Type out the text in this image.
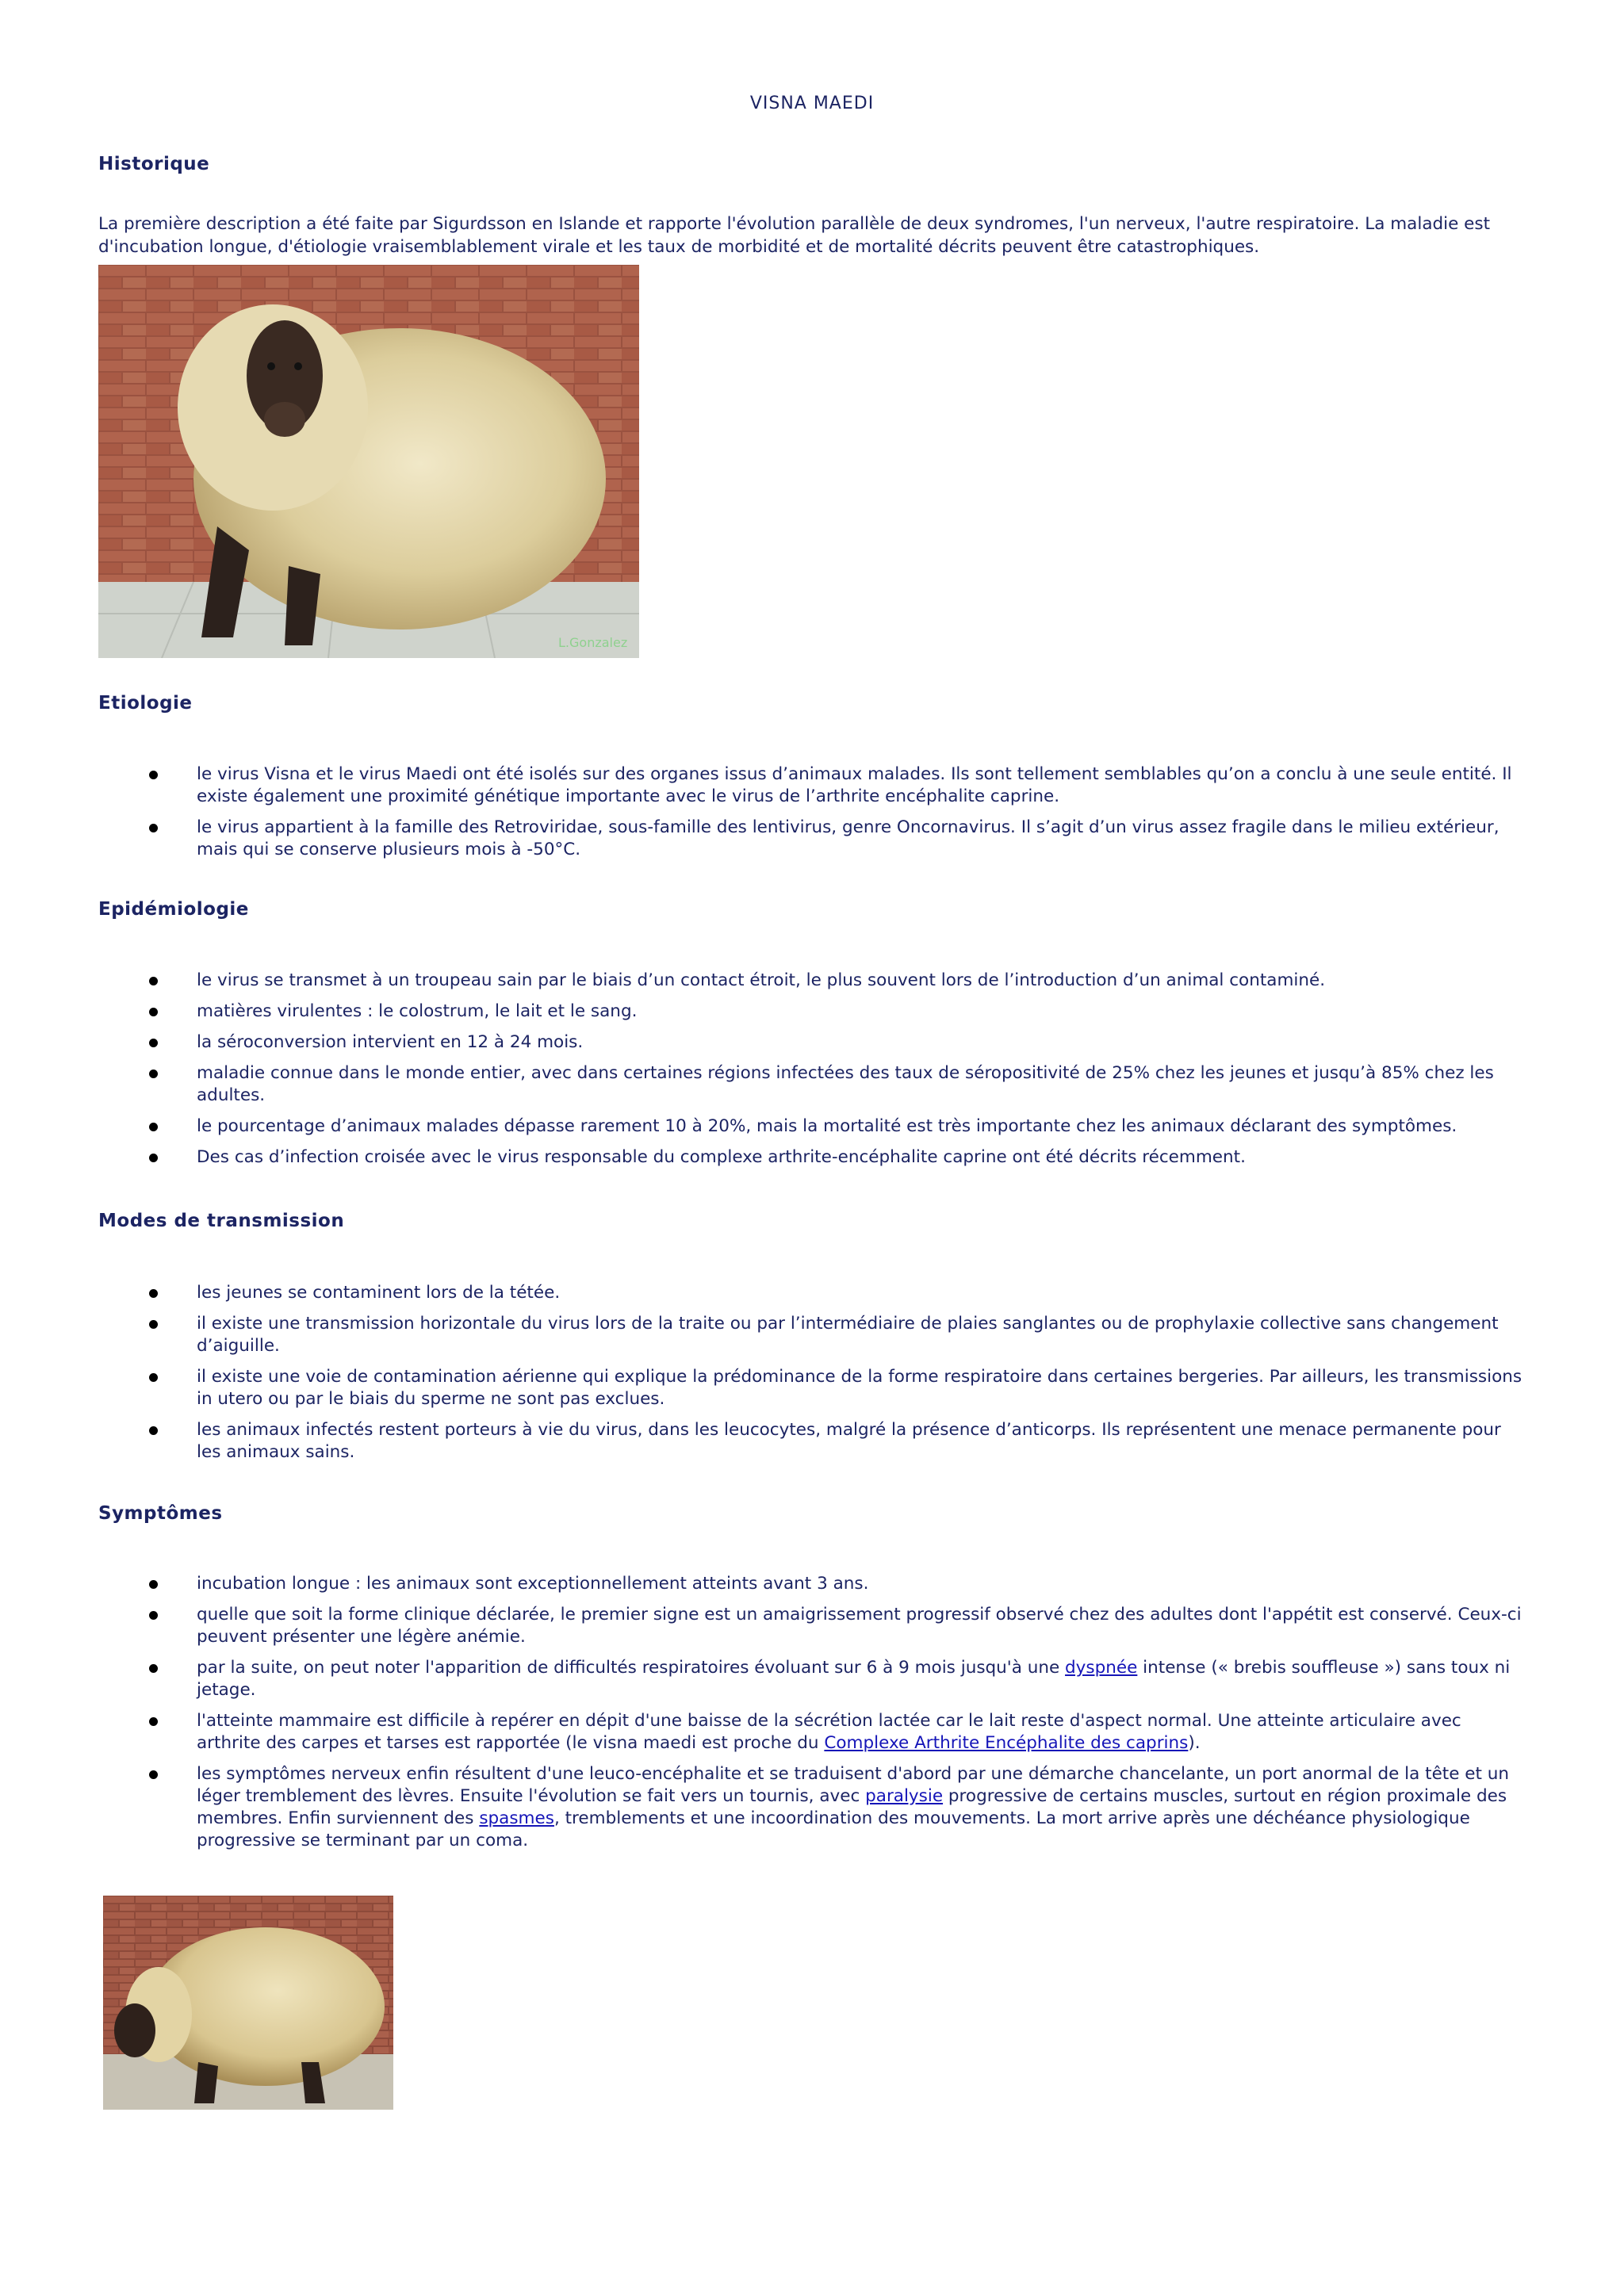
VISNA MAEDI
Historique
La première description a été faite par Sigurdsson en Islande et rapporte l'évolution parallèle de deux syndromes, l'un nerveux, l'autre respiratoire. La maladie est d'incubation longue, d'étiologie vraisemblablement virale et les taux de morbidité et de mortalité décrits peuvent être catastrophiques.
L.Gonzalez
Etiologie
le virus Visna et le virus Maedi ont été isolés sur des organes issus d’animaux malades. Ils sont tellement semblables qu’on a conclu à une seule entité. Il existe également une proximité génétique importante avec le virus de l’arthrite encéphalite caprine.
le virus appartient à la famille des Retroviridae, sous-famille des lentivirus, genre Oncornavirus. Il s’agit d’un virus assez fragile dans le milieu extérieur, mais qui se conserve plusieurs mois à -50°C.
Epidémiologie
le virus se transmet à un troupeau sain par le biais d’un contact étroit, le plus souvent lors de l’introduction d’un animal contaminé.
matières virulentes : le colostrum, le lait et le sang.
la séroconversion intervient en 12 à 24 mois.
maladie connue dans le monde entier, avec dans certaines régions infectées des taux de séropositivité de 25% chez les jeunes et jusqu’à 85% chez les adultes.
le pourcentage d’animaux malades dépasse rarement 10 à 20%, mais la mortalité est très importante chez les animaux déclarant des symptômes.
Des cas d’infection croisée avec le virus responsable du complexe arthrite-encéphalite caprine ont été décrits récemment.
Modes de transmission
les jeunes se contaminent lors de la tétée.
il existe une transmission horizontale du virus lors de la traite ou par l’intermédiaire de plaies sanglantes ou de prophylaxie collective sans changement d’aiguille.
il existe une voie de contamination aérienne qui explique la prédominance de la forme respiratoire dans certaines bergeries. Par ailleurs, les transmissions in utero ou par le biais du sperme ne sont pas exclues.
les animaux infectés restent porteurs à vie du virus, dans les leucocytes, malgré la présence d’anticorps. Ils représentent une menace permanente pour les animaux sains.
Symptômes
incubation longue : les animaux sont exceptionnellement atteints avant 3 ans.
quelle que soit la forme clinique déclarée, le premier signe est un amaigrissement progressif observé chez des adultes dont l'appétit est conservé. Ceux-ci peuvent présenter une légère anémie.
par la suite, on peut noter l'apparition de difficultés respiratoires évoluant sur 6 à 9 mois jusqu'à une dyspnée intense (« brebis souffleuse ») sans toux ni jetage.
l'atteinte mammaire est difficile à repérer en dépit d'une baisse de la sécrétion lactée car le lait reste d'aspect normal. Une atteinte articulaire avec arthrite des carpes et tarses est rapportée (le visna maedi est proche du Complexe Arthrite Encéphalite des caprins).
les symptômes nerveux enfin résultent d'une leuco-encéphalite et se traduisent d'abord par une démarche chancelante, un port anormal de la tête et un léger tremblement des lèvres. Ensuite l'évolution se fait vers un tournis, avec paralysie progressive de certains muscles, surtout en région proximale des membres. Enfin surviennent des spasmes, tremblements et une incoordination des mouvements. La mort arrive après une déchéance physiologique progressive se terminant par un coma.
